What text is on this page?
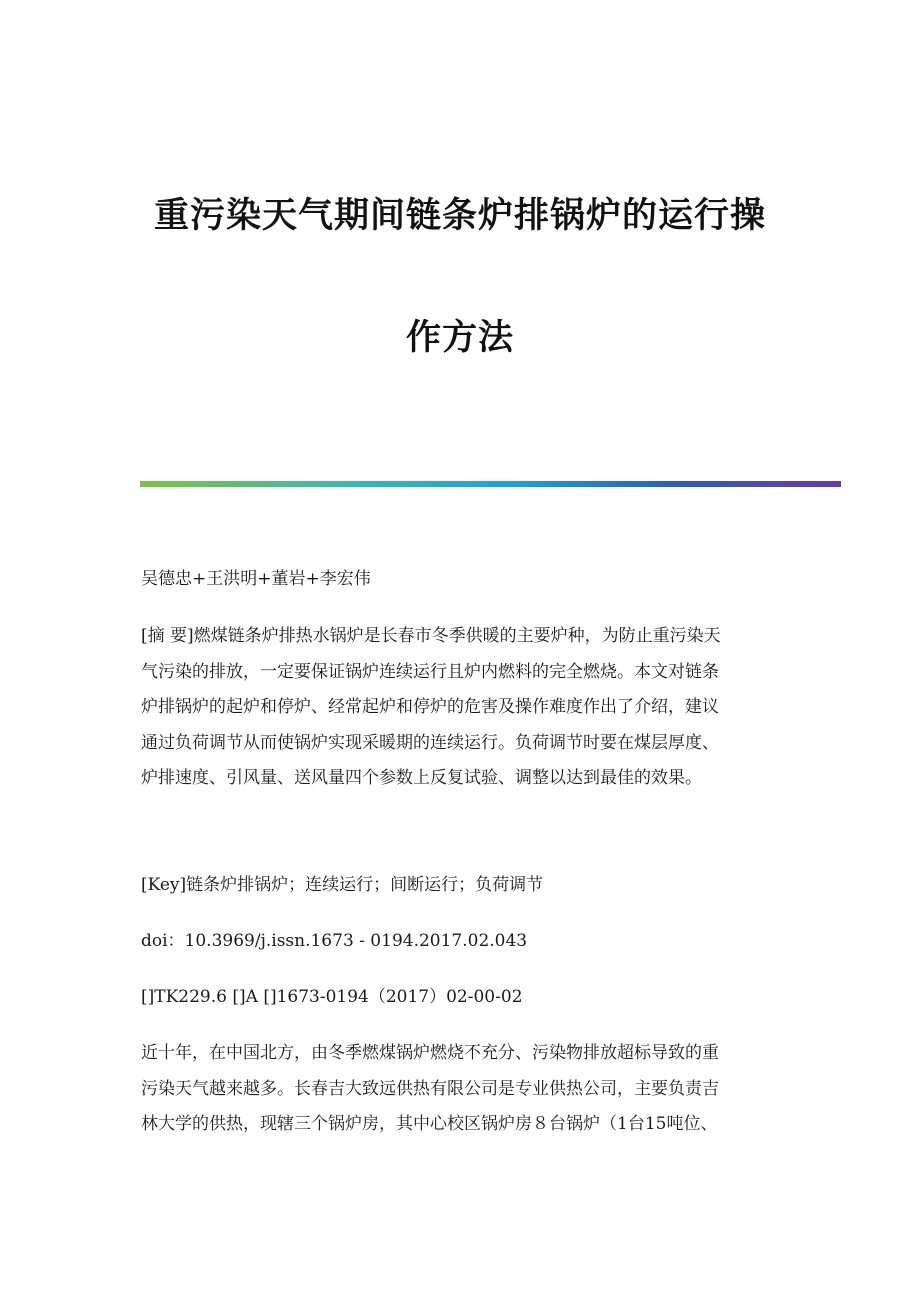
重污染天气期间链条炉排锅炉的运行操
作方法
吴德忠+王洪明+董岩+李宏伟
[摘 要]燃煤链条炉排热水锅炉是长春市冬季供暖的主要炉种，为防止重污染天
气污染的排放，一定要保证锅炉连续运行且炉内燃料的完全燃烧。本文对链条
炉排锅炉的起炉和停炉、经常起炉和停炉的危害及操作难度作出了介绍，建议
通过负荷调节从而使锅炉实现采暖期的连续运行。负荷调节时要在煤层厚度、
炉排速度、引风量、送风量四个参数上反复试验、调整以达到最佳的效果。
[Key]链条炉排锅炉；连续运行；间断运行；负荷调节
doi：10.3969/j.issn.1673 - 0194.2017.02.043
[]TK229.6 []A []1673-0194（2017）02-00-02
近十年，在中国北方，由冬季燃煤锅炉燃烧不充分、污染物排放超标导致的重
污染天气越来越多。长春吉大致远供热有限公司是专业供热公司，主要负责吉
林大学的供热，现辖三个锅炉房，其中心校区锅炉房８台锅炉（1台15吨位、
